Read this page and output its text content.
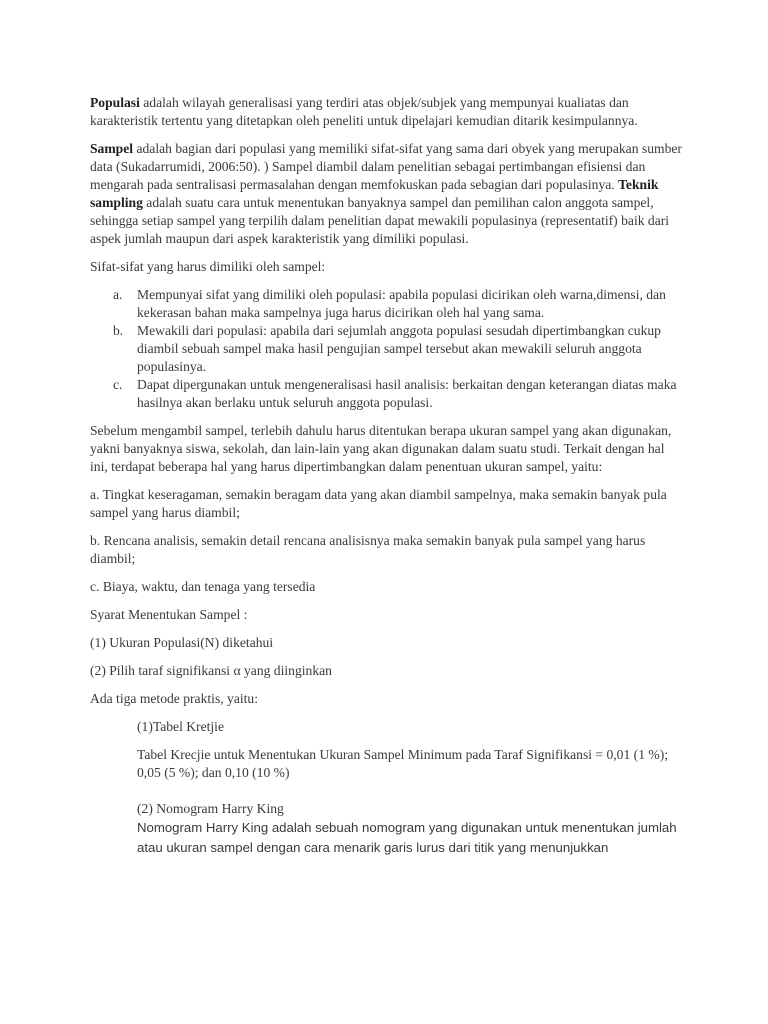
Populasi adalah wilayah generalisasi yang terdiri atas objek/subjek yang mempunyai kualiatas dan karakteristik tertentu yang ditetapkan oleh peneliti untuk dipelajari kemudian ditarik kesimpulannya.

Sampel adalah bagian dari populasi yang memiliki sifat-sifat yang sama dari obyek yang merupakan sumber data (Sukadarrumidi, 2006:50). ) Sampel diambil dalam penelitian sebagai pertimbangan efisiensi dan mengarah pada sentralisasi permasalahan dengan memfokuskan pada sebagian dari populasinya. Teknik sampling adalah suatu cara untuk menentukan banyaknya sampel dan pemilihan calon anggota sampel, sehingga setiap sampel yang terpilih dalam penelitian dapat mewakili populasinya (representatif) baik dari aspek jumlah maupun dari aspek karakteristik yang dimiliki populasi.

Sifat-sifat yang harus dimiliki oleh sampel:

a. Mempunyai sifat yang dimiliki oleh populasi: apabila populasi dicirikan oleh warna,dimensi, dan kekerasan bahan maka sampelnya juga harus dicirikan oleh hal yang sama.
b. Mewakili dari populasi: apabila dari sejumlah anggota populasi sesudah dipertimbangkan cukup diambil sebuah sampel maka hasil pengujian sampel tersebut akan mewakili seluruh anggota populasinya.
c. Dapat dipergunakan untuk mengeneralisasi hasil analisis: berkaitan dengan keterangan diatas maka hasilnya akan berlaku untuk seluruh anggota populasi.

Sebelum mengambil sampel, terlebih dahulu harus ditentukan berapa ukuran sampel yang akan digunakan, yakni banyaknya siswa, sekolah, dan lain-lain yang akan digunakan dalam suatu studi. Terkait dengan hal ini, terdapat beberapa hal yang harus dipertimbangkan dalam penentuan ukuran sampel, yaitu:

a. Tingkat keseragaman, semakin beragam data yang akan diambil sampelnya, maka semakin banyak pula sampel yang harus diambil;

b. Rencana analisis, semakin detail rencana analisisnya maka semakin banyak pula sampel yang harus diambil;

c. Biaya, waktu, dan tenaga yang tersedia

Syarat Menentukan Sampel :

(1) Ukuran Populasi(N) diketahui

(2) Pilih taraf signifikansi α yang diinginkan

Ada tiga metode praktis, yaitu:

(1)Tabel Kretjie

Tabel Krecjie untuk Menentukan Ukuran Sampel Minimum pada Taraf Signifikansi = 0,01 (1 %); 0,05 (5 %); dan 0,10 (10 %)

(2) Nomogram Harry King

Nomogram Harry King adalah sebuah nomogram yang digunakan untuk menentukan jumlah atau ukuran sampel dengan cara menarik garis lurus dari titik yang menunjukkan
